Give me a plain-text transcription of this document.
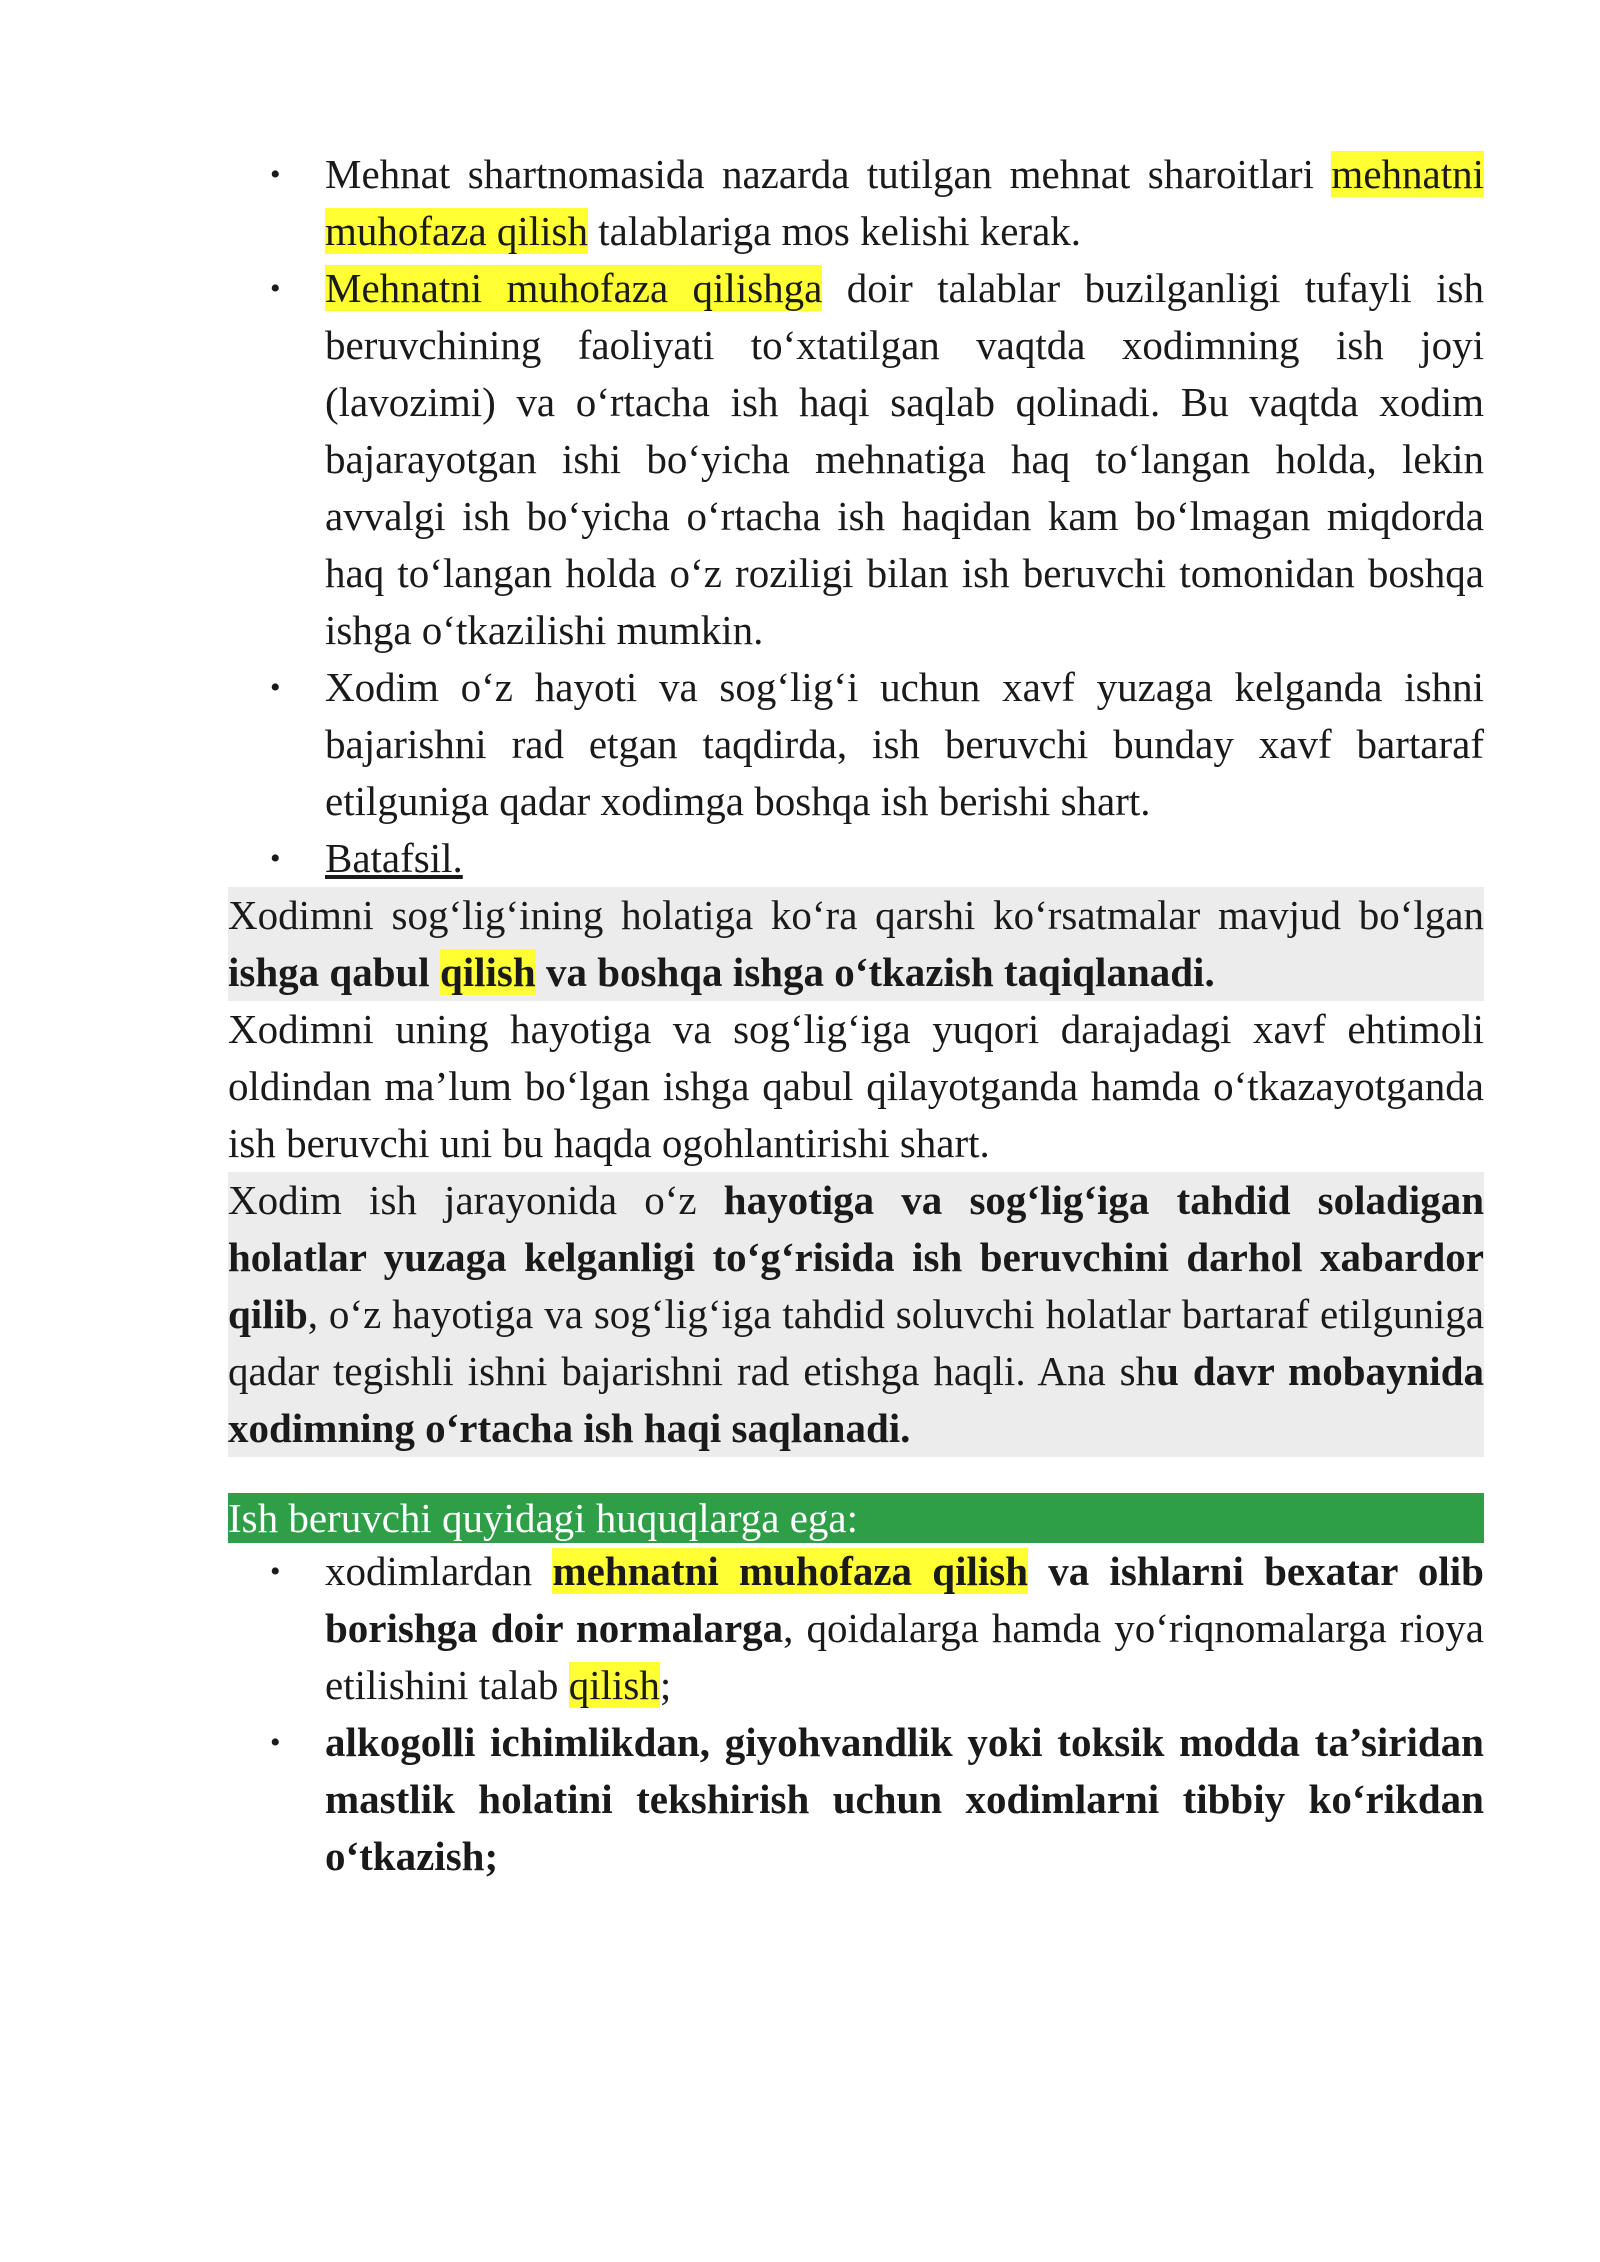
• Mehnat shartnomasida nazarda tutilgan mehnat sharoitlari mehnatni muhofaza qilish talablariga mos kelishi kerak.
• Mehnatni muhofaza qilishga doir talablar buzilganligi tufayli ish beruvchining faoliyati to‘xtatilgan vaqtda xodimning ish joyi (lavozimi) va o‘rtacha ish haqi saqlab qolinadi. Bu vaqtda xodim bajarayotgan ishi bo‘yicha mehnatiga haq to‘langan holda, lekin avvalgi ish bo‘yicha o‘rtacha ish haqidan kam bo‘lmagan miqdorda haq to‘langan holda o‘z roziligi bilan ish beruvchi tomonidan boshqa ishga o‘tkazilishi mumkin.
• Xodim o‘z hayoti va sog‘lig‘i uchun xavf yuzaga kelganda ishni bajarishni rad etgan taqdirda, ish beruvchi bunday xavf bartaraf etilguniga qadar xodimga boshqa ish berishi shart.
• Batafsil.

Xodimni sog‘lig‘ining holatiga ko‘ra qarshi ko‘rsatmalar mavjud bo‘lgan ishga qabul qilish va boshqa ishga o‘tkazish taqiqlanadi.

Xodimni uning hayotiga va sog‘lig‘iga yuqori darajadagi xavf ehtimoli oldindan ma’lum bo‘lgan ishga qabul qilayotganda hamda o‘tkazayotganda ish beruvchi uni bu haqda ogohlantirishi shart.

Xodim ish jarayonida o‘z hayotiga va sog‘lig‘iga tahdid soladigan holatlar yuzaga kelganligi to‘g‘risida ish beruvchini darhol xabardor qilib, o‘z hayotiga va sog‘lig‘iga tahdid soluvchi holatlar bartaraf etilguniga qadar tegishli ishni bajarishni rad etishga haqli. Ana shu davr mobaynida xodimning o‘rtacha ish haqi saqlanadi.

Ish beruvchi quyidagi huquqlarga ega:
• xodimlardan mehnatni muhofaza qilish va ishlarni bexatar olib borishga doir normalarga, qoidalarga hamda yo‘riqnomalarga rioya etilishini talab qilish;
• alkogolli ichimlikdan, giyohvandlik yoki toksik modda ta’siridan mastlik holatini tekshirish uchun xodimlarni tibbiy ko‘rikdan o‘tkazish;
